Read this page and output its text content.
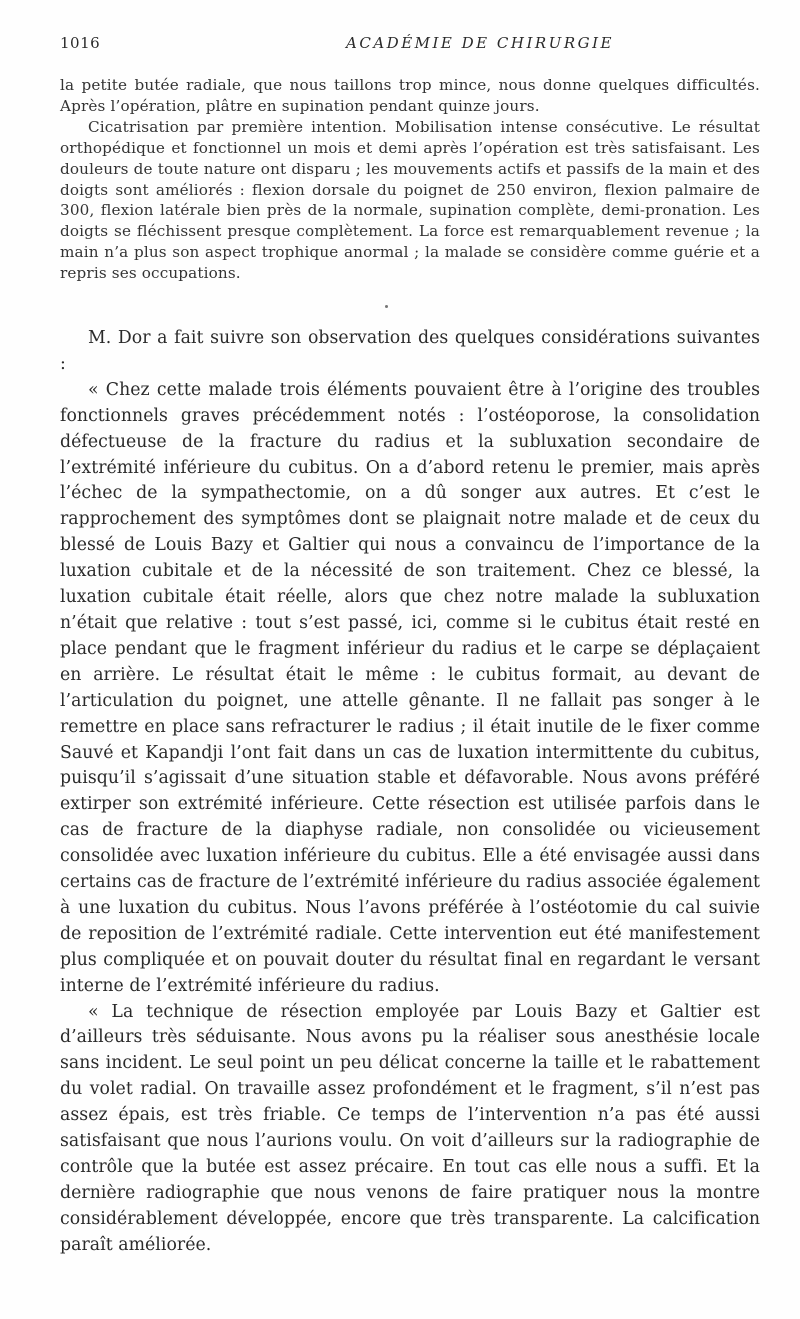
1016	ACADÉMIE DE CHIRURGIE

la petite butée radiale, que nous taillons trop mince, nous donne quelques difficultés. Après l’opération, plâtre en supination pendant quinze jours.

Cicatrisation par première intention. Mobilisation intense consécutive. Le résultat orthopédique et fonctionnel un mois et demi après l’opération est très satisfaisant. Les douleurs de toute nature ont disparu ; les mouvements actifs et passifs de la main et des doigts sont améliorés : flexion dorsale du poignet de 250 environ, flexion palmaire de 300, flexion latérale bien près de la normale, supination complète, demi-pronation. Les doigts se fléchissent presque complètement. La force est remarquablement revenue ; la main n’a plus son aspect trophique anormal ; la malade se considère comme guérie et a repris ses occupations.

M. Dor a fait suivre son observation des quelques considérations suivantes :

« Chez cette malade trois éléments pouvaient être à l’origine des troubles fonctionnels graves précédemment notés : l’ostéoporose, la consolidation défectueuse de la fracture du radius et la subluxation secondaire de l’extrémité inférieure du cubitus. On a d’abord retenu le premier, mais après l’échec de la sympathectomie, on a dû songer aux autres. Et c’est le rapprochement des symptômes dont se plaignait notre malade et de ceux du blessé de Louis Bazy et Galtier qui nous a convaincu de l’importance de la luxation cubitale et de la nécessité de son traitement. Chez ce blessé, la luxation cubitale était réelle, alors que chez notre malade la subluxation n’était que relative : tout s’est passé, ici, comme si le cubitus était resté en place pendant que le fragment inférieur du radius et le carpe se déplaçaient en arrière. Le résultat était le même : le cubitus formait, au devant de l’articulation du poignet, une attelle gênante. Il ne fallait pas songer à le remettre en place sans refracturer le radius ; il était inutile de le fixer comme Sauvé et Kapandji l’ont fait dans un cas de luxation intermittente du cubitus, puisqu’il s’agissait d’une situation stable et défavorable. Nous avons préféré extirper son extrémité inférieure. Cette résection est utilisée parfois dans le cas de fracture de la diaphyse radiale, non consolidée ou vicieusement consolidée avec luxation inférieure du cubitus. Elle a été envisagée aussi dans certains cas de fracture de l’extrémité inférieure du radius associée également à une luxation du cubitus. Nous l’avons préférée à l’ostéotomie du cal suivie de reposition de l’extrémité radiale. Cette intervention eut été manifestement plus compliquée et on pouvait douter du résultat final en regardant le versant interne de l’extrémité inférieure du radius.

« La technique de résection employée par Louis Bazy et Galtier est d’ailleurs très séduisante. Nous avons pu la réaliser sous anesthésie locale sans incident. Le seul point un peu délicat concerne la taille et le rabattement du volet radial. On travaille assez profondément et le fragment, s’il n’est pas assez épais, est très friable. Ce temps de l’intervention n’a pas été aussi satisfaisant que nous l’aurions voulu. On voit d’ailleurs sur la radiographie de contrôle que la butée est assez précaire. En tout cas elle nous a suffi. Et la dernière radiographie que nous venons de faire pratiquer nous la montre considérablement développée, encore que très transparente. La calcification paraît améliorée.
